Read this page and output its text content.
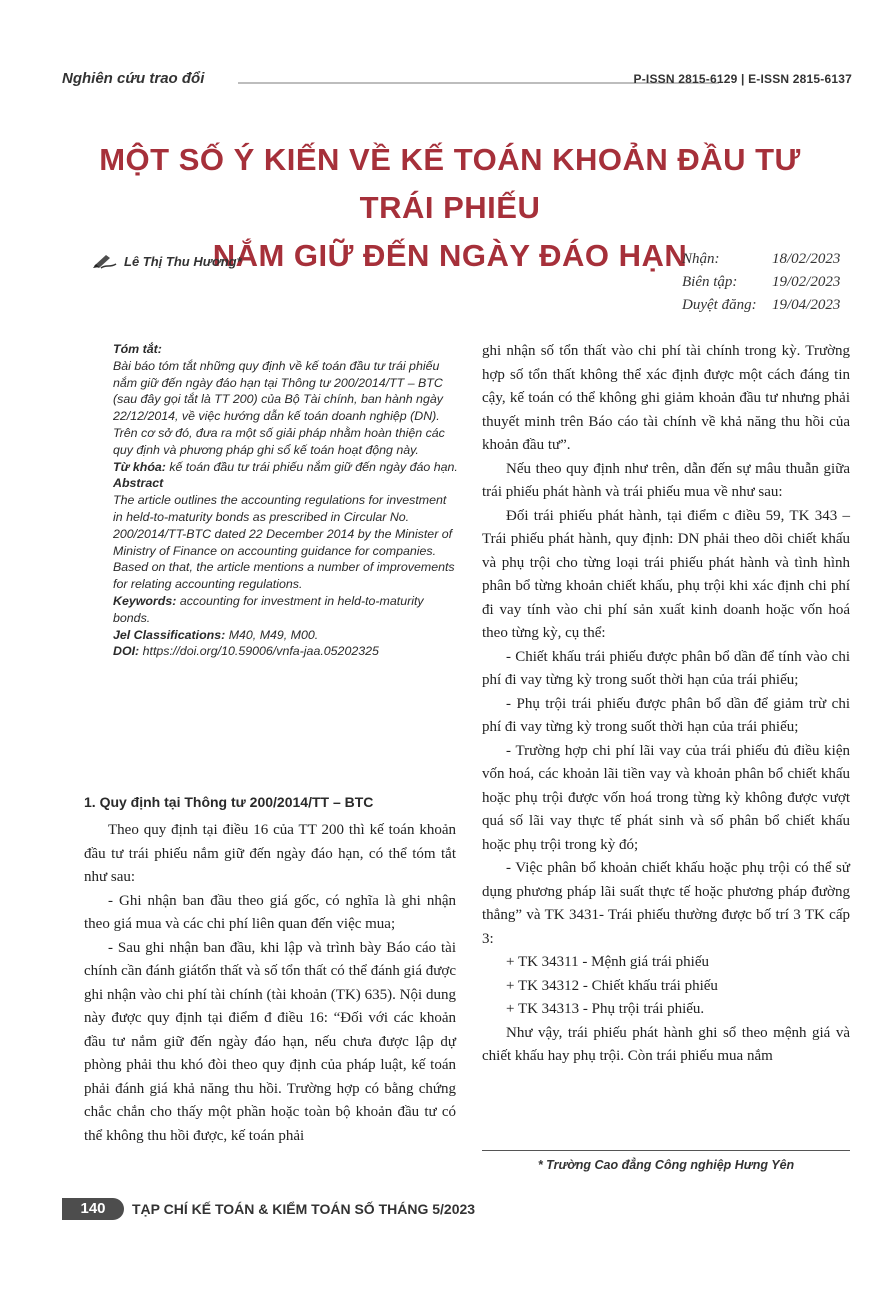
Nghiên cứu trao đổi	P-ISSN 2815-6129 | E-ISSN 2815-6137
MỘT SỐ Ý KIẾN VỀ KẾ TOÁN KHOẢN ĐẦU TƯ TRÁI PHIẾU
NẮM GIỮ ĐẾN NGÀY ĐÁO HẠN
Lê Thị Thu Hương*	Nhận:	18/02/2023
Biên tập:	19/02/2023
Duyệt đăng:	19/04/2023

Tóm tắt:

Bài báo tóm tắt những quy định về kế toán đầu tư trái phiếu nắm giữ đến ngày đáo hạn tại Thông tư 200/2014/TT – BTC (sau đây gọi tắt là TT 200) của Bộ Tài chính, ban hành ngày 22/12/2014, về việc hướng dẫn kế toán doanh nghiệp (DN). Trên cơ sở đó, đưa ra một số giải pháp nhằm hoàn thiện các quy định và phương pháp ghi sổ kế toán hoạt động này.

Từ khóa: kế toán đầu tư trái phiếu nắm giữ đến ngày đáo hạn.

Abstract

The article outlines the accounting regulations for investment in held-to-maturity bonds as prescribed in Circular No. 200/2014/TT-BTC dated 22 December 2014 by the Minister of Ministry of Finance on accounting guidance for companies. Based on that, the article mentions a number of improvements for relating accounting regulations.

Keywords: accounting for investment in held-to-maturity bonds.

Jel Classifications: M40, M49, M00.

DOI: https://doi.org/10.59006/vnfa-jaa.05202325

1. Quy định tại Thông tư 200/2014/TT – BTC

Theo quy định tại điều 16 của TT 200 thì kế toán khoản đầu tư trái phiếu nắm giữ đến ngày đáo hạn, có thể tóm tắt như sau:

- Ghi nhận ban đầu theo giá gốc, có nghĩa là ghi nhận theo giá mua và các chi phí liên quan đến việc mua;

- Sau ghi nhận ban đầu, khi lập và trình bày Báo cáo tài chính cần đánh giátổn thất và số tổn thất có thể đánh giá được ghi nhận vào chi phí tài chính (tài khoản (TK) 635). Nội dung này được quy định tại điểm đ điều 16: “Đối với các khoản đầu tư nắm giữ đến ngày đáo hạn, nếu chưa được lập dự phòng phải thu khó đòi theo quy định của pháp luật, kế toán phải đánh giá khả năng thu hồi. Trường hợp có bằng chứng chắc chắn cho thấy một phần hoặc toàn bộ khoản đầu tư có thể không thu hồi được, kế toán phải

ghi nhận số tổn thất vào chi phí tài chính trong kỳ. Trường hợp số tổn thất không thể xác định được một cách đáng tin cậy, kế toán có thể không ghi giảm khoản đầu tư nhưng phải thuyết minh trên Báo cáo tài chính về khả năng thu hồi của khoản đầu tư”.

Nếu theo quy định như trên, dẫn đến sự mâu thuẫn giữa trái phiếu phát hành và trái phiếu mua về như sau:

Đối trái phiếu phát hành, tại điểm c điều 59, TK 343 – Trái phiếu phát hành, quy định: DN phải theo dõi chiết khấu và phụ trội cho từng loại trái phiếu phát hành và tình hình phân bổ từng khoản chiết khấu, phụ trội khi xác định chi phí đi vay tính vào chi phí sản xuất kinh doanh hoặc vốn hoá theo từng kỳ, cụ thể:

- Chiết khấu trái phiếu được phân bổ dần để tính vào chi phí đi vay từng kỳ trong suốt thời hạn của trái phiếu;

- Phụ trội trái phiếu được phân bổ dần để giảm trừ chi phí đi vay từng kỳ trong suốt thời hạn của trái phiếu;

- Trường hợp chi phí lãi vay của trái phiếu đủ điều kiện vốn hoá, các khoản lãi tiền vay và khoản phân bổ chiết khấu hoặc phụ trội được vốn hoá trong từng kỳ không được vượt quá số lãi vay thực tế phát sinh và số phân bổ chiết khấu hoặc phụ trội trong kỳ đó;

- Việc phân bổ khoản chiết khấu hoặc phụ trội có thể sử dụng phương pháp lãi suất thực tế hoặc phương pháp đường thẳng” và TK 3431- Trái phiếu thường được bố trí 3 TK cấp 3:

+ TK 34311 - Mệnh giá trái phiếu

+ TK 34312 - Chiết khấu trái phiếu

+ TK 34313 - Phụ trội trái phiếu.

Như vậy, trái phiếu phát hành ghi sổ theo mệnh giá và chiết khấu hay phụ trội. Còn trái phiếu mua nắm

* Trường Cao đẳng Công nghiệp Hưng Yên
140	TẠP CHÍ KẾ TOÁN & KIỂM TOÁN SỐ THÁNG 5/2023
